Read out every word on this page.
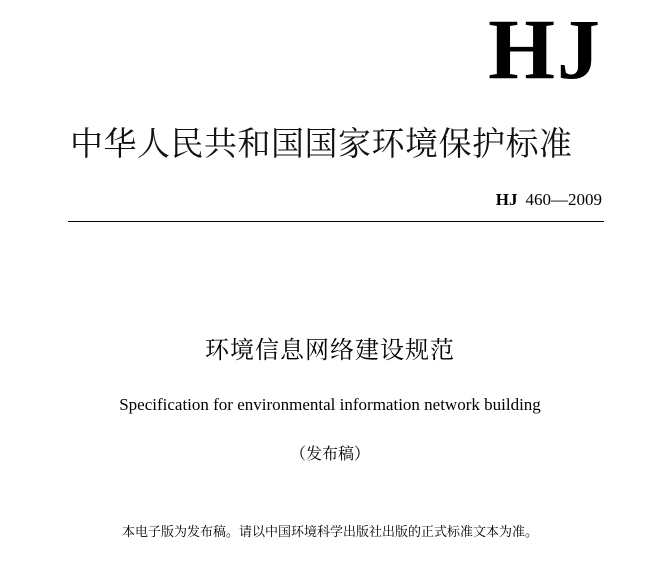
HJ
中华人民共和国国家环境保护标准
HJ 460—2009
环境信息网络建设规范
Specification for environmental information network building
（发布稿）
本电子版为发布稿。请以中国环境科学出版社出版的正式标准文本为准。
